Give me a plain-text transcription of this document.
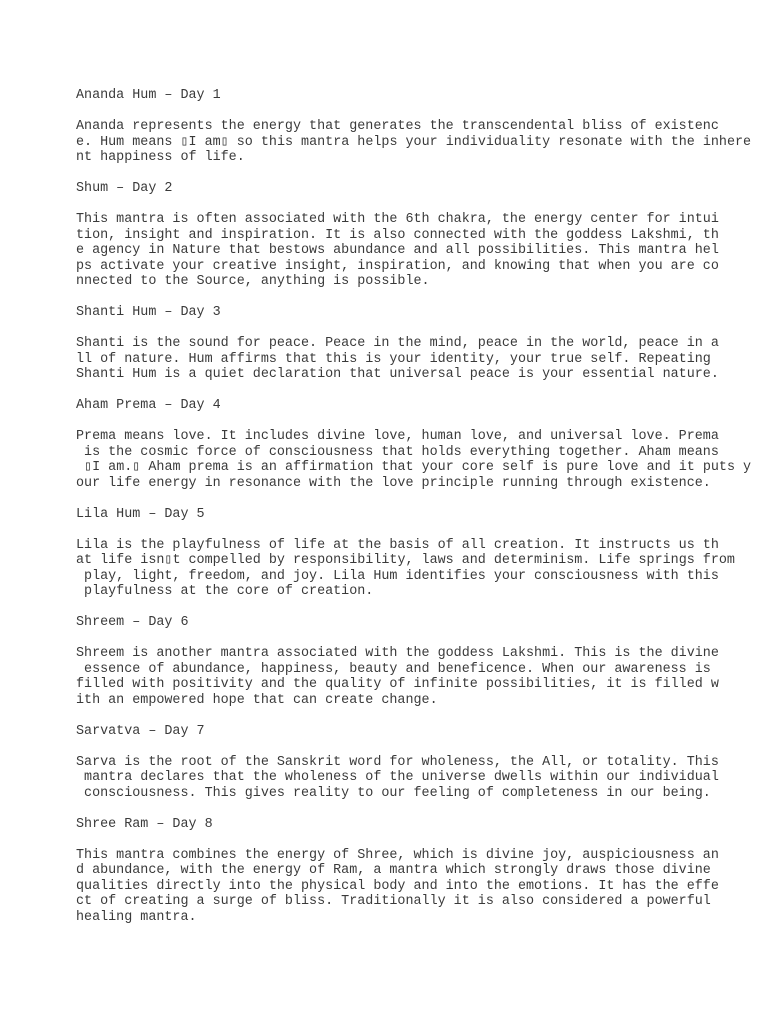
Ananda Hum – Day 1
Ananda represents the energy that generates the transcendental bliss of existenc
e. Hum means ▯I am▯ so this mantra helps your individuality resonate with the inhere
nt happiness of life.
Shum – Day 2
This mantra is often associated with the 6th chakra, the energy center for intui
tion, insight and inspiration. It is also connected with the goddess Lakshmi, th
e agency in Nature that bestows abundance and all possibilities. This mantra hel
ps activate your creative insight, inspiration, and knowing that when you are co
nnected to the Source, anything is possible.
Shanti Hum – Day 3
Shanti is the sound for peace. Peace in the mind, peace in the world, peace in a
ll of nature. Hum affirms that this is your identity, your true self. Repeating
Shanti Hum is a quiet declaration that universal peace is your essential nature.
Aham Prema – Day 4
Prema means love. It includes divine love, human love, and universal love. Prema
is the cosmic force of consciousness that holds everything together. Aham means
▯I am.▯ Aham prema is an affirmation that your core self is pure love and it puts y
our life energy in resonance with the love principle running through existence.
Lila Hum – Day 5
Lila is the playfulness of life at the basis of all creation. It instructs us th
at life isn▯t compelled by responsibility, laws and determinism. Life springs from
play, light, freedom, and joy. Lila Hum identifies your consciousness with this
playfulness at the core of creation.
Shreem – Day 6
Shreem is another mantra associated with the goddess Lakshmi. This is the divine
essence of abundance, happiness, beauty and beneficence. When our awareness is
filled with positivity and the quality of infinite possibilities, it is filled w
ith an empowered hope that can create change.
Sarvatva – Day 7
Sarva is the root of the Sanskrit word for wholeness, the All, or totality. This
mantra declares that the wholeness of the universe dwells within our individual
consciousness. This gives reality to our feeling of completeness in our being.
Shree Ram – Day 8
This mantra combines the energy of Shree, which is divine joy, auspiciousness an
d abundance, with the energy of Ram, a mantra which strongly draws those divine
qualities directly into the physical body and into the emotions. It has the effe
ct of creating a surge of bliss. Traditionally it is also considered a powerful
healing mantra.
